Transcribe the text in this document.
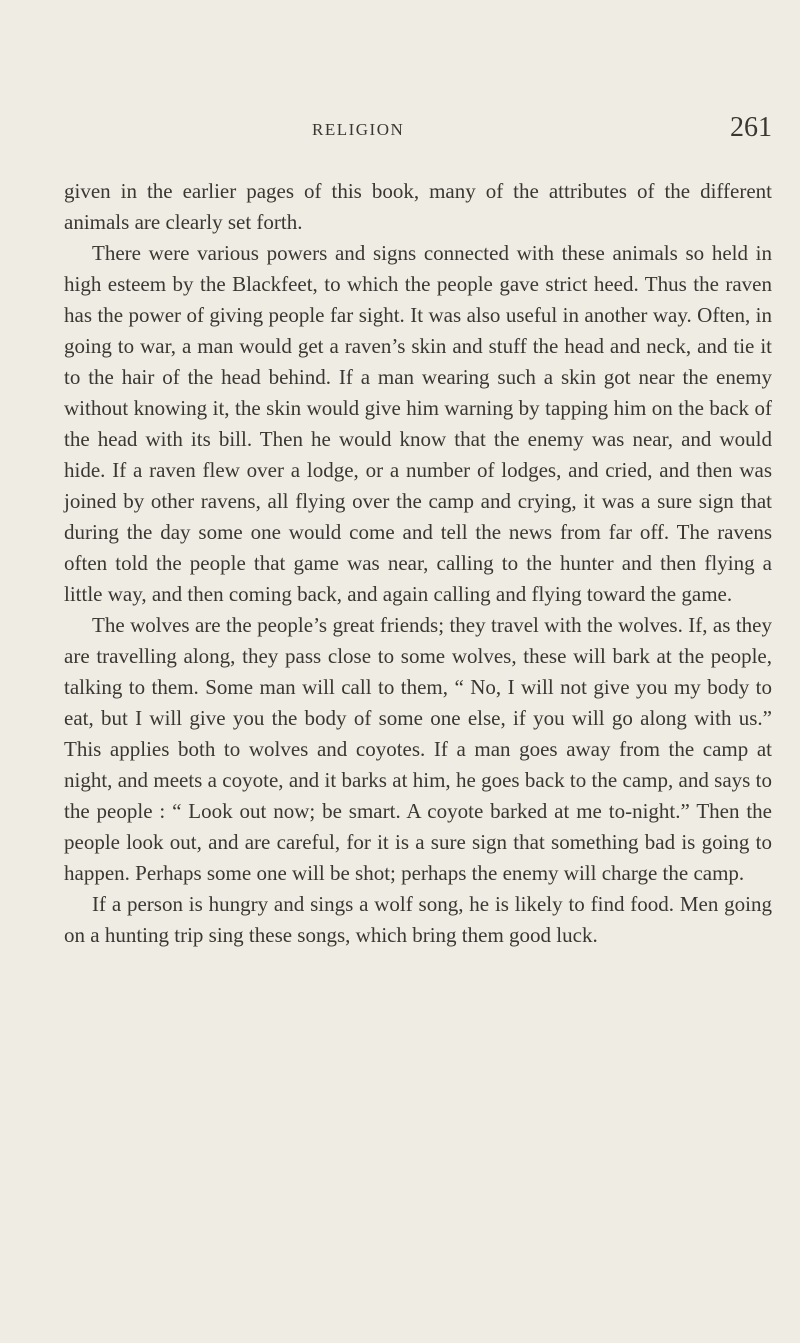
RELIGION	261

given in the earlier pages of this book, many of the attributes of the different animals are clearly set forth.

There were various powers and signs connected with these animals so held in high esteem by the Blackfeet, to which the people gave strict heed. Thus the raven has the power of giving people far sight. It was also useful in another way. Often, in going to war, a man would get a raven’s skin and stuff the head and neck, and tie it to the hair of the head behind. If a man wearing such a skin got near the enemy without knowing it, the skin would give him warning by tapping him on the back of the head with its bill. Then he would know that the enemy was near, and would hide. If a raven flew over a lodge, or a number of lodges, and cried, and then was joined by other ravens, all flying over the camp and crying, it was a sure sign that during the day some one would come and tell the news from far off. The ravens often told the people that game was near, calling to the hunter and then flying a little way, and then coming back, and again calling and flying toward the game.

The wolves are the people’s great friends; they travel with the wolves. If, as they are travelling along, they pass close to some wolves, these will bark at the people, talking to them. Some man will call to them, “ No, I will not give you my body to eat, but I will give you the body of some one else, if you will go along with us.” This applies both to wolves and coyotes. If a man goes away from the camp at night, and meets a coyote, and it barks at him, he goes back to the camp, and says to the people : “ Look out now; be smart. A coyote barked at me to-night.” Then the people look out, and are careful, for it is a sure sign that something bad is going to happen. Perhaps some one will be shot; perhaps the enemy will charge the camp.

If a person is hungry and sings a wolf song, he is likely to find food. Men going on a hunting trip sing these songs, which bring them good luck.
